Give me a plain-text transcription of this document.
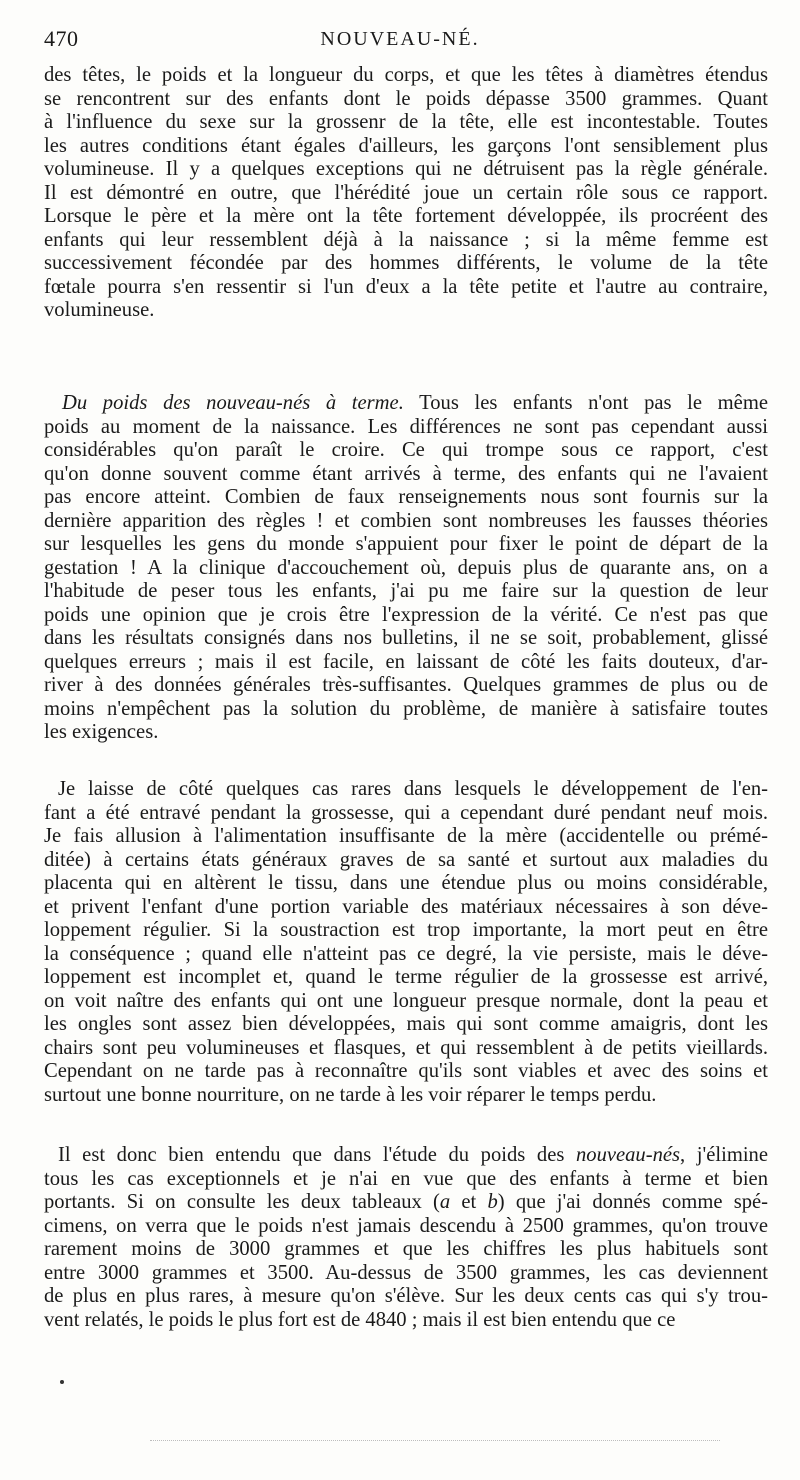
470	NOUVEAU-NÉ.

des têtes, le poids et la longueur du corps, et que les têtes à diamètres étendus
se rencontrent sur des enfants dont le poids dépasse 3500 grammes. Quant
à l'influence du sexe sur la grossenr de la tête, elle est incontestable. Toutes
les autres conditions étant égales d'ailleurs, les garçons l'ont sensiblement plus
volumineuse. Il y a quelques exceptions qui ne détruisent pas la règle générale.
Il est démontré en outre, que l'hérédité joue un certain rôle sous ce rapport.
Lorsque le père et la mère ont la tête fortement développée, ils procréent des
enfants qui leur ressemblent déjà à la naissance ; si la même femme est
successivement fécondée par des hommes différents, le volume de la tête
fœtale pourra s'en ressentir si l'un d'eux a la tête petite et l'autre au contraire,
volumineuse.

Du poids des nouveau-nés à terme. Tous les enfants n'ont pas le même
poids au moment de la naissance. Les différences ne sont pas cependant aussi
considérables qu'on paraît le croire. Ce qui trompe sous ce rapport, c'est
qu'on donne souvent comme étant arrivés à terme, des enfants qui ne l'avaient
pas encore atteint. Combien de faux renseignements nous sont fournis sur la
dernière apparition des règles ! et combien sont nombreuses les fausses théories
sur lesquelles les gens du monde s'appuient pour fixer le point de départ de la
gestation ! A la clinique d'accouchement où, depuis plus de quarante ans, on a
l'habitude de peser tous les enfants, j'ai pu me faire sur la question de leur
poids une opinion que je crois être l'expression de la vérité. Ce n'est pas que
dans les résultats consignés dans nos bulletins, il ne se soit, probablement, glissé
quelques erreurs ; mais il est facile, en laissant de côté les faits douteux, d'ar-
river à des données générales très-suffisantes. Quelques grammes de plus ou de
moins n'empêchent pas la solution du problème, de manière à satisfaire toutes
les exigences.

Je laisse de côté quelques cas rares dans lesquels le développement de l'en-
fant a été entravé pendant la grossesse, qui a cependant duré pendant neuf mois.
Je fais allusion à l'alimentation insuffisante de la mère (accidentelle ou prémé-
ditée) à certains états généraux graves de sa santé et surtout aux maladies du
placenta qui en altèrent le tissu, dans une étendue plus ou moins considérable,
et privent l'enfant d'une portion variable des matériaux nécessaires à son déve-
loppement régulier. Si la soustraction est trop importante, la mort peut en être
la conséquence ; quand elle n'atteint pas ce degré, la vie persiste, mais le déve-
loppement est incomplet et, quand le terme régulier de la grossesse est arrivé,
on voit naître des enfants qui ont une longueur presque normale, dont la peau et
les ongles sont assez bien développées, mais qui sont comme amaigris, dont les
chairs sont peu volumineuses et flasques, et qui ressemblent à de petits vieillards.
Cependant on ne tarde pas à reconnaître qu'ils sont viables et avec des soins et
surtout une bonne nourriture, on ne tarde à les voir réparer le temps perdu.

Il est donc bien entendu que dans l'étude du poids des nouveau-nés, j'élimine
tous les cas exceptionnels et je n'ai en vue que des enfants à terme et bien
portants. Si on consulte les deux tableaux (a et b) que j'ai donnés comme spé-
cimens, on verra que le poids n'est jamais descendu à 2500 grammes, qu'on trouve
rarement moins de 3000 grammes et que les chiffres les plus habituels sont
entre 3000 grammes et 3500. Au-dessus de 3500 grammes, les cas deviennent
de plus en plus rares, à mesure qu'on s'élève. Sur les deux cents cas qui s'y trou-
vent relatés, le poids le plus fort est de 4840 ; mais il est bien entendu que ce
